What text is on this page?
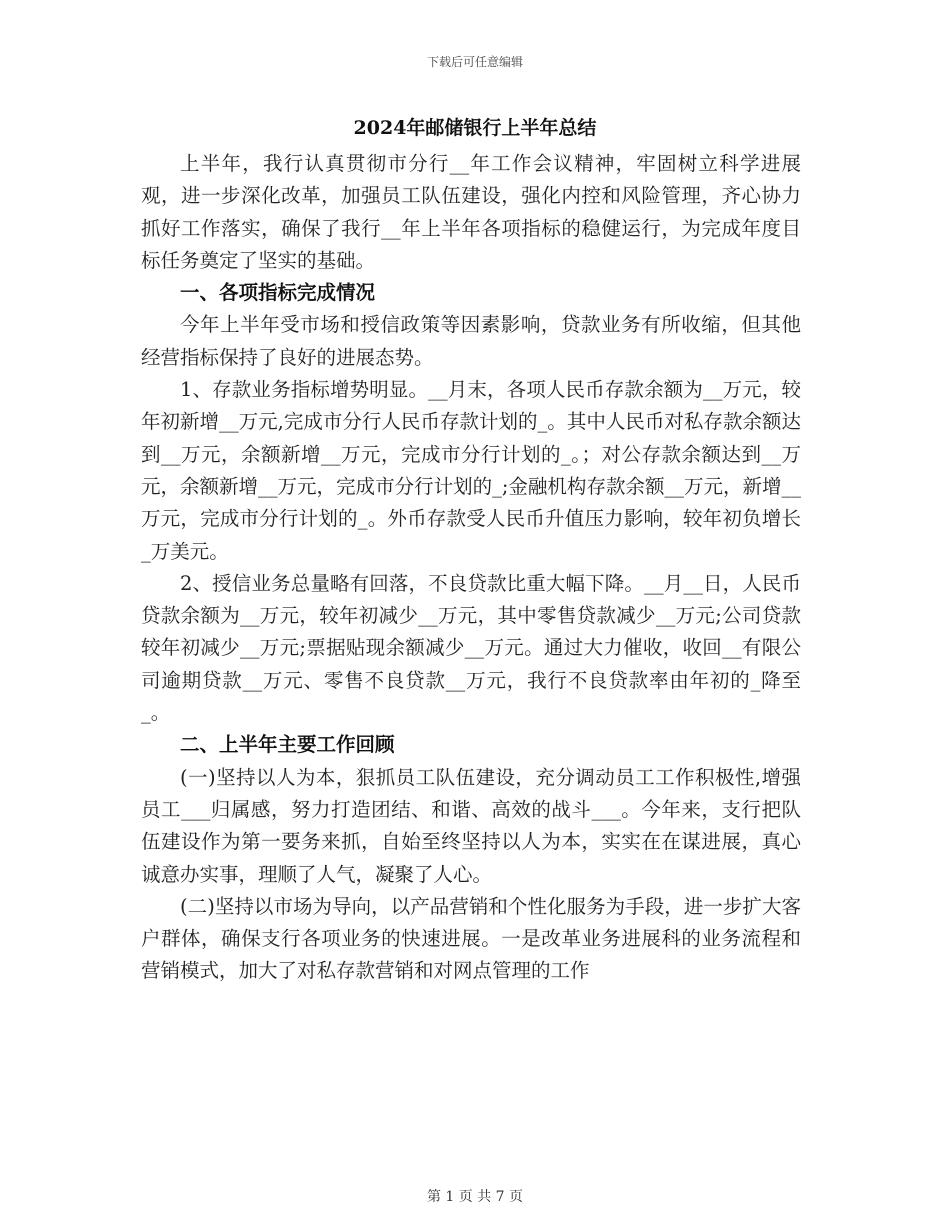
下载后可任意编辑
2024年邮储银行上半年总结

上半年，我行认真贯彻市分行__年工作会议精神，牢固树立科学进展观，进一步深化改革，加强员工队伍建设，强化内控和风险管理，齐心协力抓好工作落实，确保了我行__年上半年各项指标的稳健运行，为完成年度目标任务奠定了坚实的基础。

一、各项指标完成情况

今年上半年受市场和授信政策等因素影响，贷款业务有所收缩，但其他经营指标保持了良好的进展态势。

1、存款业务指标增势明显。__月末，各项人民币存款余额为__万元，较年初新增__万元,完成市分行人民币存款计划的_。其中人民币对私存款余额达到__万元，余额新增__万元，完成市分行计划的_。；对公存款余额达到__万元，余额新增__万元，完成市分行计划的_;金融机构存款余额__万元，新增__万元，完成市分行计划的_。外币存款受人民币升值压力影响，较年初负增长_万美元。

2、授信业务总量略有回落，不良贷款比重大幅下降。__月__日，人民币贷款余额为__万元，较年初减少__万元，其中零售贷款减少__万元;公司贷款较年初减少__万元;票据贴现余额减少__万元。通过大力催收，收回__有限公司逾期贷款__万元、零售不良贷款__万元，我行不良贷款率由年初的_降至_。

二、上半年主要工作回顾

(一)坚持以人为本，狠抓员工队伍建设，充分调动员工工作积极性,增强员工___归属感，努力打造团结、和谐、高效的战斗___。今年来，支行把队伍建设作为第一要务来抓，自始至终坚持以人为本，实实在在谋进展，真心诚意办实事，理顺了人气，凝聚了人心。

(二)坚持以市场为导向，以产品营销和个性化服务为手段，进一步扩大客户群体，确保支行各项业务的快速进展。一是改革业务进展科的业务流程和营销模式，加大了对私存款营销和对网点管理的工作

第 1 页 共 7 页
